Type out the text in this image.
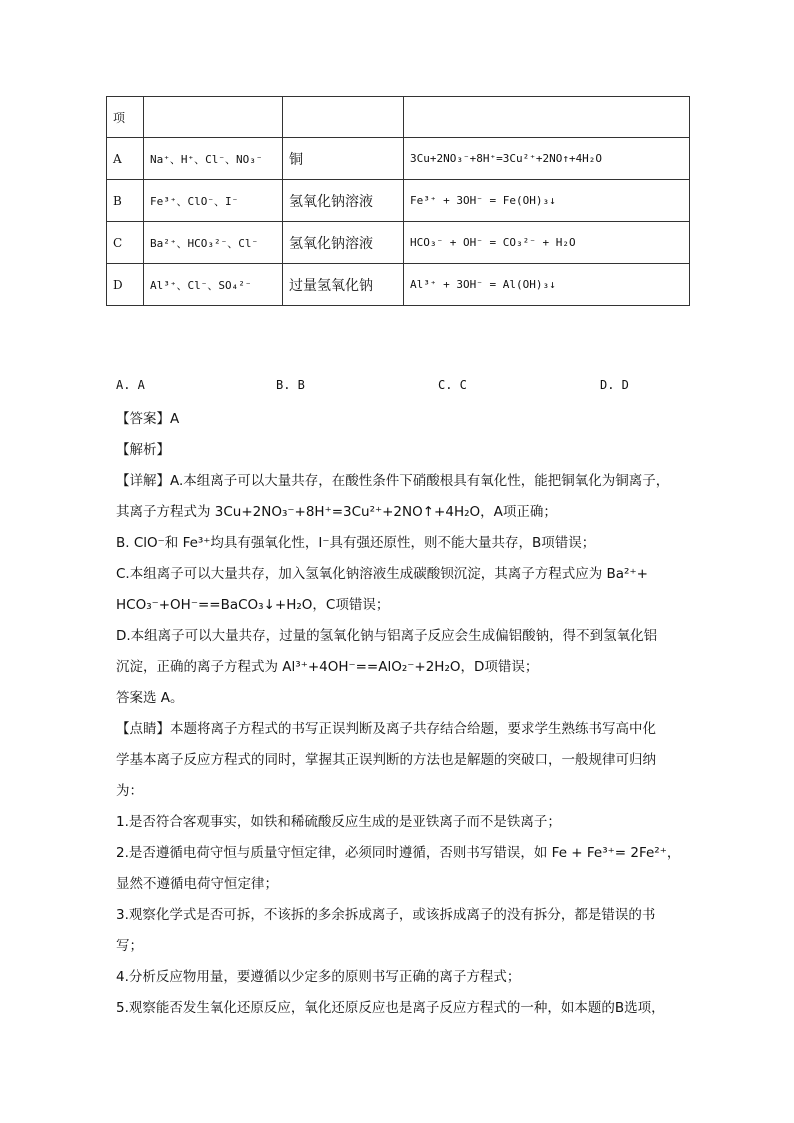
项			
A	Na⁺、H⁺、Cl⁻、NO₃⁻	铜	3Cu+2NO₃⁻+8H⁺=3Cu²⁺+2NO↑+4H₂O
B	Fe³⁺、ClO⁻、I⁻	氢氧化钠溶液	Fe³⁺ + 3OH⁻ = Fe(OH)₃↓
C	Ba²⁺、HCO₃²⁻、Cl⁻	氢氧化钠溶液	HCO₃⁻ + OH⁻ = CO₃²⁻ + H₂O
D	Al³⁺、Cl⁻、SO₄²⁻	过量氢氧化钠	Al³⁺ + 3OH⁻ = Al(OH)₃↓
A. A	B. B	C. C	D. D

【答案】A

【解析】

【详解】A.本组离子可以大量共存，在酸性条件下硝酸根具有氧化性，能把铜氧化为铜离子，

其离子方程式为 3Cu+2NO₃⁻+8H⁺=3Cu²⁺+2NO↑+4H₂O，A项正确；

B. ClO⁻和 Fe³⁺均具有强氧化性，I⁻具有强还原性，则不能大量共存，B项错误；

C.本组离子可以大量共存，加入氢氧化钠溶液生成碳酸钡沉淀，其离子方程式应为 Ba²⁺+

HCO₃⁻+OH⁻==BaCO₃↓+H₂O，C项错误；

D.本组离子可以大量共存，过量的氢氧化钠与铝离子反应会生成偏铝酸钠，得不到氢氧化铝

沉淀，正确的离子方程式为 Al³⁺+4OH⁻==AlO₂⁻+2H₂O，D项错误；

答案选 A。

【点睛】本题将离子方程式的书写正误判断及离子共存结合给题，要求学生熟练书写高中化

学基本离子反应方程式的同时，掌握其正误判断的方法也是解题的突破口，一般规律可归纳

为：

1.是否符合客观事实，如铁和稀硫酸反应生成的是亚铁离子而不是铁离子；

2.是否遵循电荷守恒与质量守恒定律，必须同时遵循，否则书写错误，如 Fe + Fe³⁺= 2Fe²⁺，

显然不遵循电荷守恒定律；

3.观察化学式是否可拆，不该拆的多余拆成离子，或该拆成离子的没有拆分，都是错误的书

写；

4.分析反应物用量，要遵循以少定多的原则书写正确的离子方程式；

5.观察能否发生氧化还原反应，氧化还原反应也是离子反应方程式的一种，如本题的B选项，
